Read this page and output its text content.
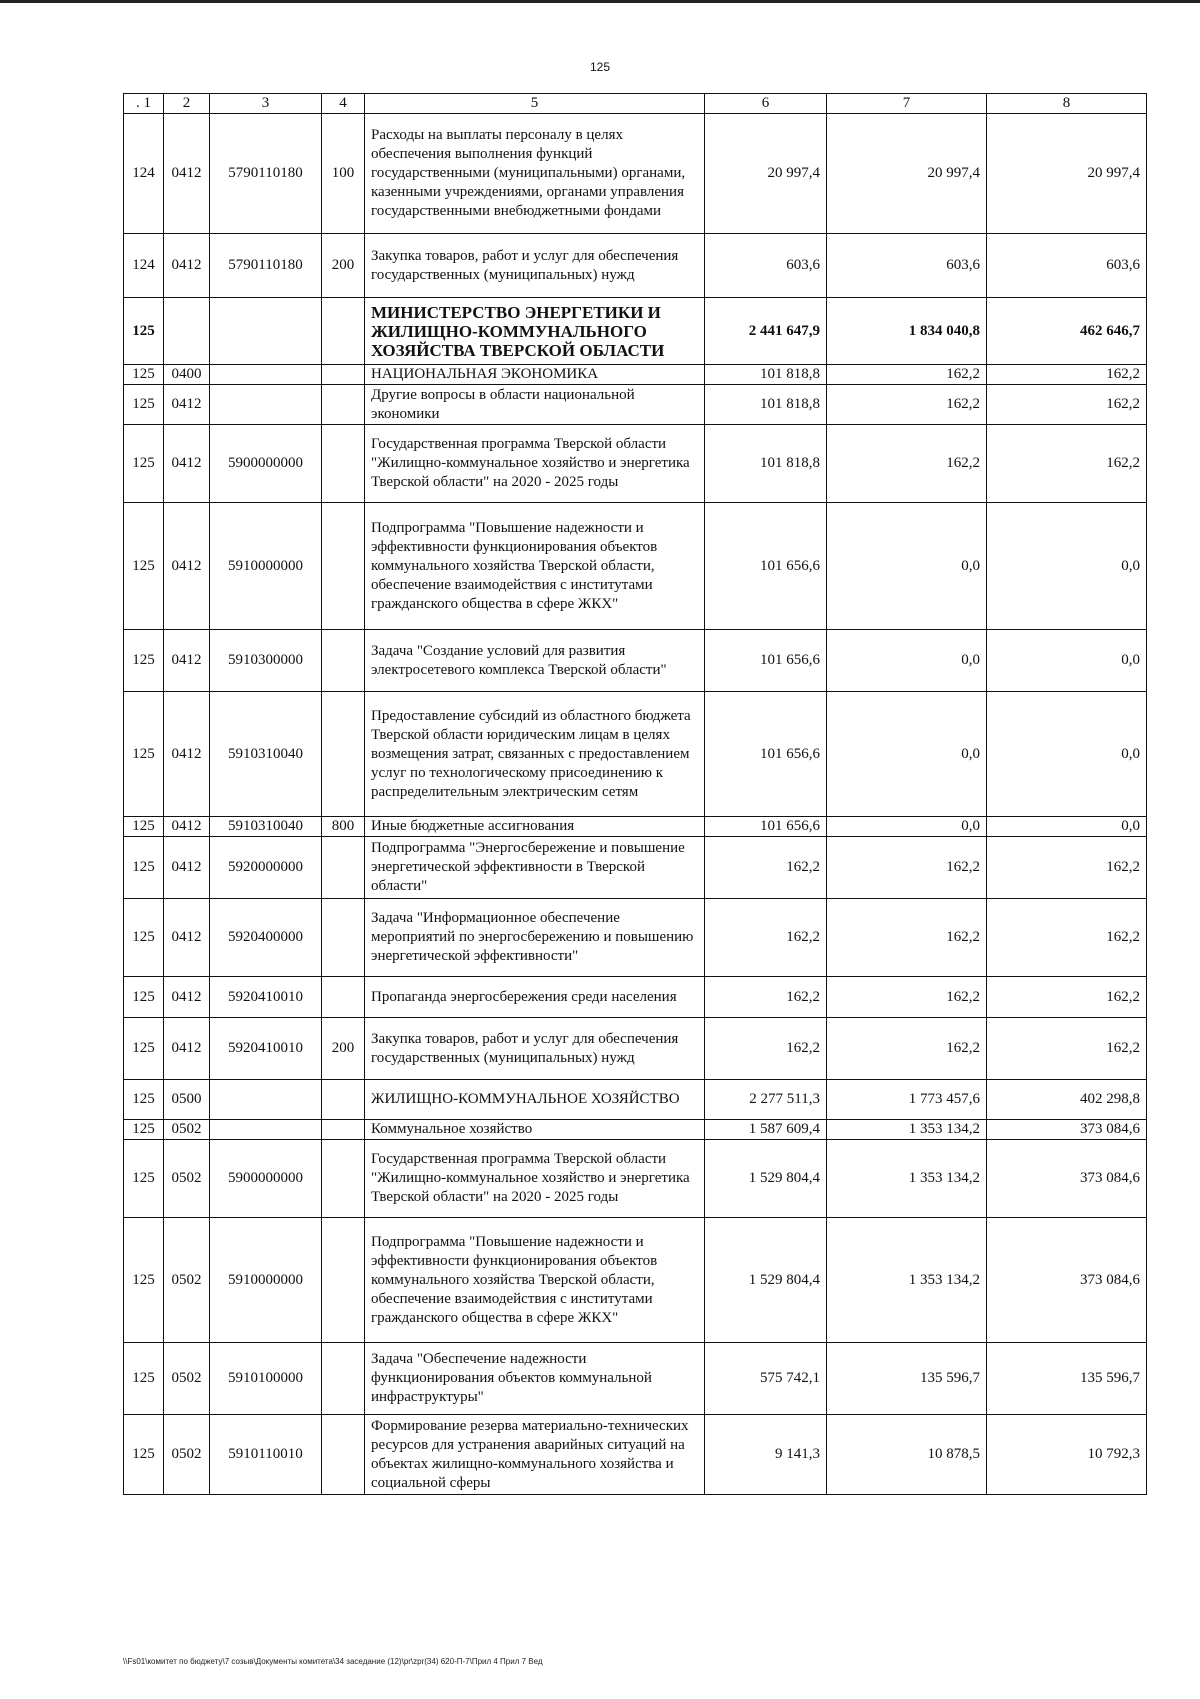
125
. 1	2	3	4	5	6	7	8
124	0412	5790110180	100	Расходы на выплаты персоналу в целях обеспечения выполнения функций государственными (муниципальными) органами, казенными учреждениями, органами управления государственными внебюджетными фондами	20 997,4	20 997,4	20 997,4
124	0412	5790110180	200	Закупка товаров, работ и услуг для обеспечения государственных (муниципальных) нужд	603,6	603,6	603,6
125				МИНИСТЕРСТВО ЭНЕРГЕТИКИ И ЖИЛИЩНО-КОММУНАЛЬНОГО ХОЗЯЙСТВА ТВЕРСКОЙ ОБЛАСТИ	2 441 647,9	1 834 040,8	462 646,7
125	0400			НАЦИОНАЛЬНАЯ ЭКОНОМИКА	101 818,8	162,2	162,2
125	0412			Другие вопросы в области национальной экономики	101 818,8	162,2	162,2
125	0412	5900000000		Государственная программа Тверской области "Жилищно-коммунальное хозяйство и энергетика Тверской области" на 2020 - 2025 годы	101 818,8	162,2	162,2
125	0412	5910000000		Подпрограмма "Повышение надежности и эффективности функционирования объектов коммунального хозяйства Тверской области, обеспечение взаимодействия с институтами гражданского общества в сфере ЖКХ"	101 656,6	0,0	0,0
125	0412	5910300000		Задача "Создание условий для развития электросетевого комплекса Тверской области"	101 656,6	0,0	0,0
125	0412	5910310040		Предоставление субсидий из областного бюджета Тверской области юридическим лицам в целях возмещения затрат, связанных с предоставлением услуг по технологическому присоединению к распределительным электрическим сетям	101 656,6	0,0	0,0
125	0412	5910310040	800	Иные бюджетные ассигнования	101 656,6	0,0	0,0
125	0412	5920000000		Подпрограмма "Энергосбережение и повышение энергетической эффективности в Тверской области"	162,2	162,2	162,2
125	0412	5920400000		Задача "Информационное обеспечение мероприятий по энергосбережению и повышению энергетической эффективности"	162,2	162,2	162,2
125	0412	5920410010		Пропаганда энергосбережения среди населения	162,2	162,2	162,2
125	0412	5920410010	200	Закупка товаров, работ и услуг для обеспечения государственных (муниципальных) нужд	162,2	162,2	162,2
125	0500			ЖИЛИЩНО-КОММУНАЛЬНОЕ ХОЗЯЙСТВО	2 277 511,3	1 773 457,6	402 298,8
125	0502			Коммунальное хозяйство	1 587 609,4	1 353 134,2	373 084,6
125	0502	5900000000		Государственная программа Тверской области "Жилищно-коммунальное хозяйство и энергетика Тверской области" на 2020 - 2025 годы	1 529 804,4	1 353 134,2	373 084,6
125	0502	5910000000		Подпрограмма "Повышение надежности и эффективности функционирования объектов коммунального хозяйства Тверской области, обеспечение взаимодействия с институтами гражданского общества в сфере ЖКХ"	1 529 804,4	1 353 134,2	373 084,6
125	0502	5910100000		Задача "Обеспечение надежности функционирования объектов коммунальной инфраструктуры"	575 742,1	135 596,7	135 596,7
125	0502	5910110010		Формирование резерва материально-технических ресурсов для устранения аварийных ситуаций на объектах жилищно-коммунального хозяйства и социальной сферы	9 141,3	10 878,5	10 792,3
\\Fs01\комитет по бюджету\7 созыв\Документы комитета\34 заседание (12)\pr\zpr(34) 620-П-7\Прил 4 Прил 7 Вед
